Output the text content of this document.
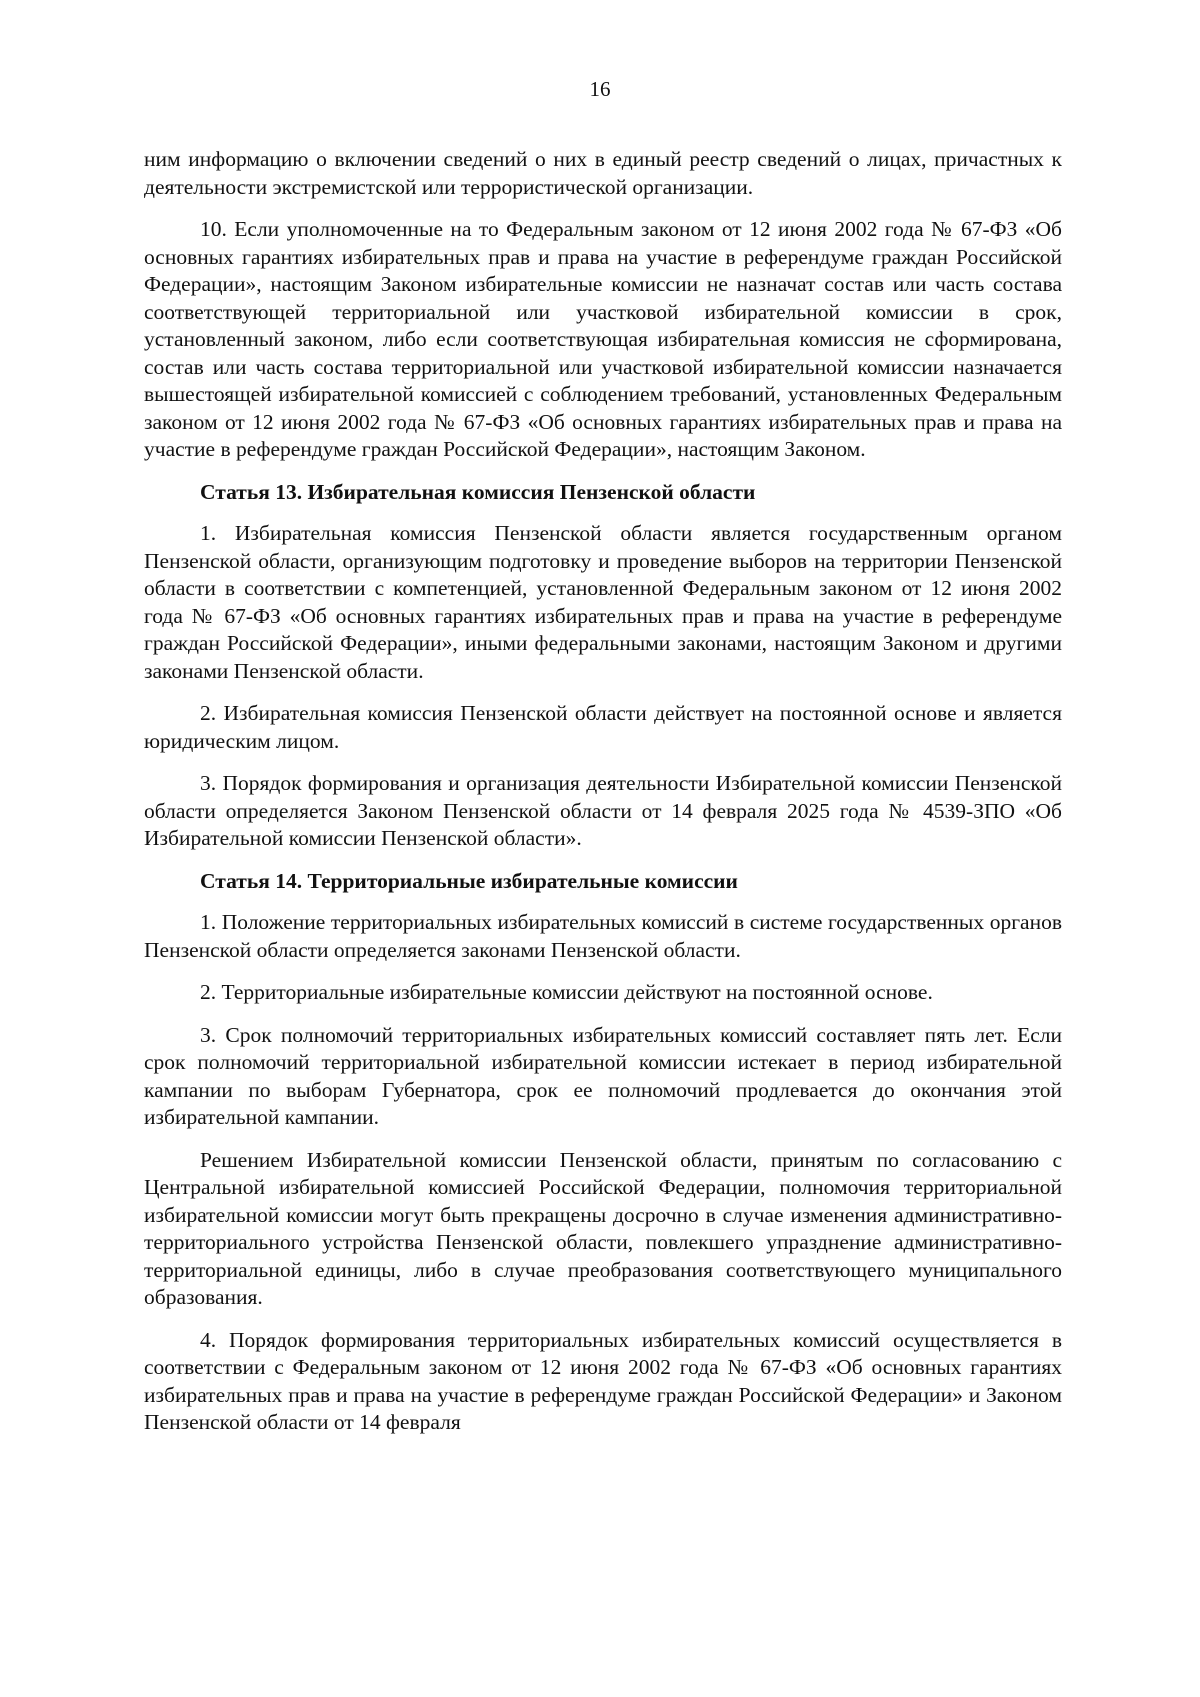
16

ним информацию о включении сведений о них в единый реестр сведений о лицах, причастных к деятельности экстремистской или террористической организации.

10. Если уполномоченные на то Федеральным законом от 12 июня 2002 года № 67-ФЗ «Об основных гарантиях избирательных прав и права на участие в референдуме граждан Российской Федерации», настоящим Законом избирательные комиссии не назначат состав или часть состава соответствующей территориальной или участковой избирательной комиссии в срок, установленный законом, либо если соответствующая избирательная комиссия не сформирована, состав или часть состава территориальной или участковой избирательной комиссии назначается вышестоящей избирательной комиссией с соблюдением требований, установленных Федеральным законом от 12 июня 2002 года № 67-ФЗ «Об основных гарантиях избирательных прав и права на участие в референдуме граждан Российской Федерации», настоящим Законом.

Статья 13. Избирательная комиссия Пензенской области

1. Избирательная комиссия Пензенской области является государственным органом Пензенской области, организующим подготовку и проведение выборов на территории Пензенской области в соответствии с компетенцией, установленной Федеральным законом от 12 июня 2002 года № 67-ФЗ «Об основных гарантиях избирательных прав и права на участие в референдуме граждан Российской Федерации», иными федеральными законами, настоящим Законом и другими законами Пензенской области.

2. Избирательная комиссия Пензенской области действует на постоянной основе и является юридическим лицом.

3. Порядок формирования и организация деятельности Избирательной комиссии Пензенской области определяется Законом Пензенской области от 14 февраля 2025 года № 4539-ЗПО «Об Избирательной комиссии Пензенской области».

Статья 14. Территориальные избирательные комиссии

1. Положение территориальных избирательных комиссий в системе государственных органов Пензенской области определяется законами Пензенской области.

2. Территориальные избирательные комиссии действуют на постоянной основе.

3. Срок полномочий территориальных избирательных комиссий составляет пять лет. Если срок полномочий территориальной избирательной комиссии истекает в период избирательной кампании по выборам Губернатора, срок ее полномочий продлевается до окончания этой избирательной кампании.

Решением Избирательной комиссии Пензенской области, принятым по согласованию с Центральной избирательной комиссией Российской Федерации, полномочия территориальной избирательной комиссии могут быть прекращены досрочно в случае изменения административно-территориального устройства Пензенской области, повлекшего упразднение административно-территориальной единицы, либо в случае преобразования соответствующего муниципального образования.

4. Порядок формирования территориальных избирательных комиссий осуществляется в соответствии с Федеральным законом от 12 июня 2002 года № 67-ФЗ «Об основных гарантиях избирательных прав и права на участие в референдуме граждан Российской Федерации» и Законом Пензенской области от 14 февраля
